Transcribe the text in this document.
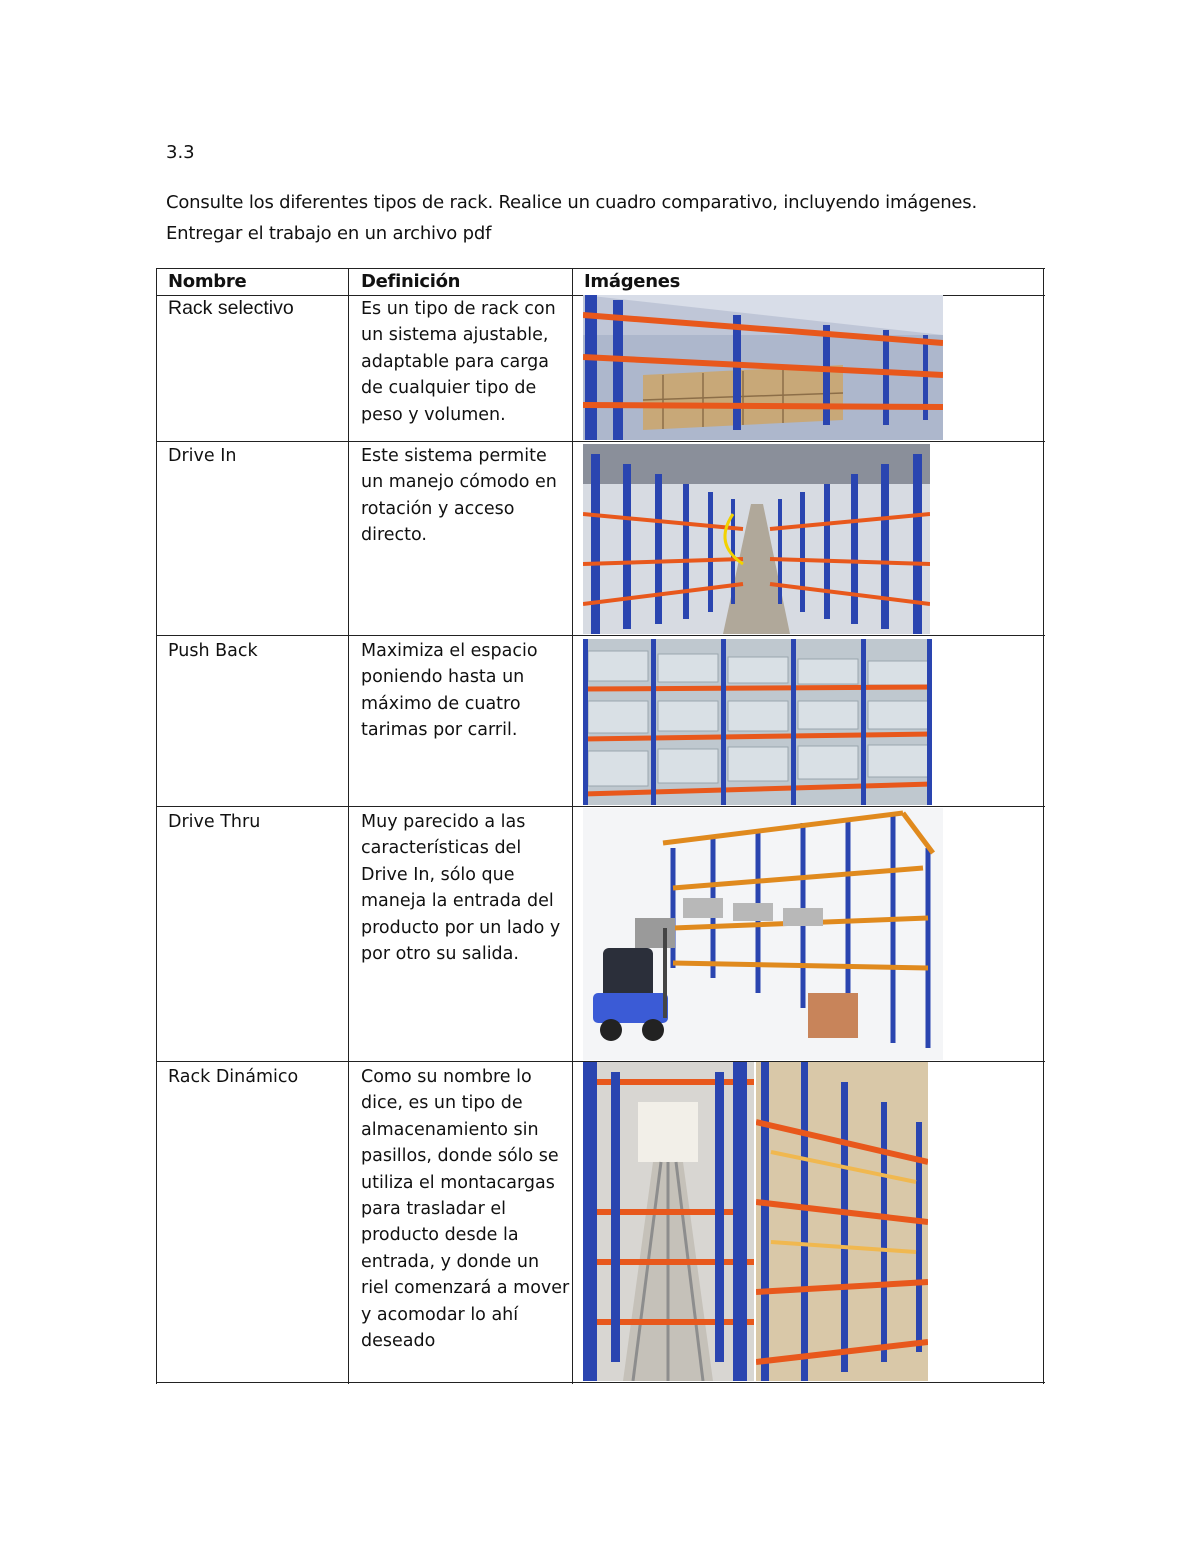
3.3
Consulte los diferentes tipos de rack. Realice un cuadro comparativo, incluyendo imágenes.
Entregar el trabajo en un archivo pdf
Nombre	Definición	Imágenes
Rack selectivo	Es un tipo de rack con un sistema ajustable, adaptable para carga de cualquier tipo de peso y volumen.
Drive In	Este sistema permite un manejo cómodo en rotación y acceso directo.
Push Back	Maximiza el espacio poniendo hasta un máximo de cuatro tarimas por carril.
Drive Thru	Muy parecido a las características del Drive In, sólo que maneja la entrada del producto por un lado y por otro su salida.
Rack Dinámico	Como su nombre lo dice, es un tipo de almacenamiento sin pasillos, donde sólo se utiliza el montacargas para trasladar el producto desde la entrada, y donde un riel comenzará a mover y acomodar lo ahí deseado
